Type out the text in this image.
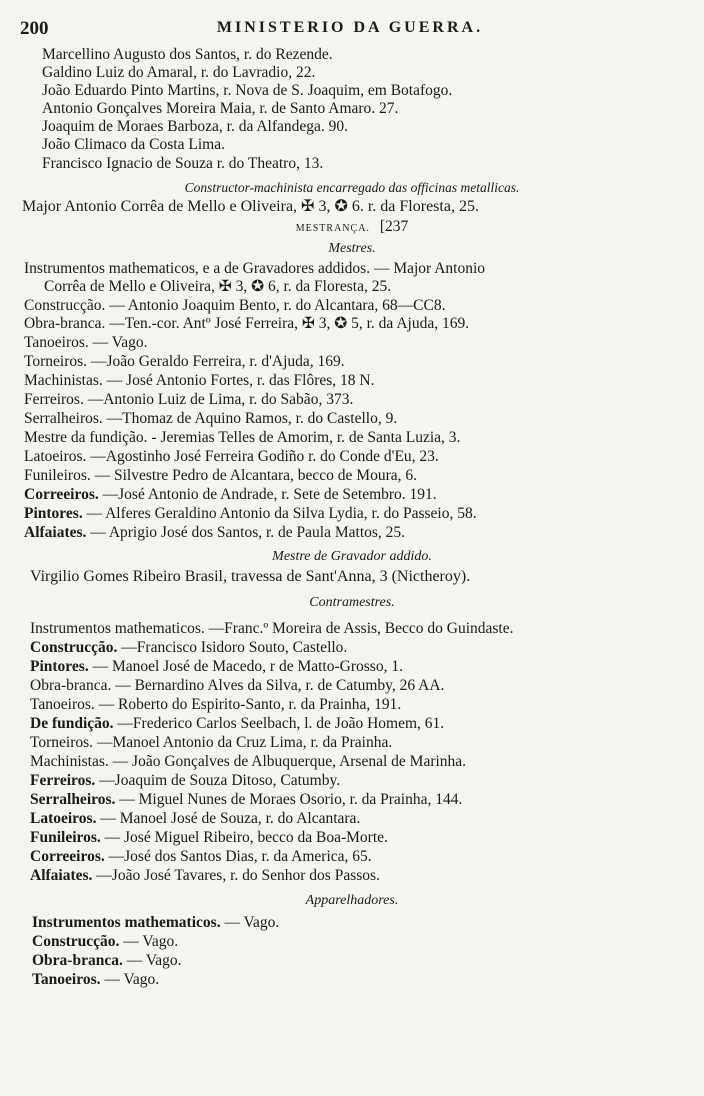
200	MINISTERIO DA GUERRA.
Marcellino Augusto dos Santos, r. do Rezende.
Galdino Luiz do Amaral, r. do Lavradio, 22.
João Eduardo Pinto Martins, r. Nova de S. Joaquim, em Botafogo.
Antonio Gonçalves Moreira Maia, r. de Santo Amaro. 27.
Joaquim de Moraes Barboza, r. da Alfandega. 90.
João Climaco da Costa Lima.
Francisco Ignacio de Souza r. do Theatro, 13.
Constructor-machinista encarregado das officinas metallicas.
Major Antonio Corrêa de Mello e Oliveira, ✠ 3, ✪ 6. r. da Floresta, 25.
MESTRANÇA. [237
Mestres.
Instrumentos mathematicos, e a de Gravadores addidos. — Major Antonio
Corrêa de Mello e Oliveira, ✠ 3, ✪ 6, r. da Floresta, 25.
Construcção. — Antonio Joaquim Bento, r. do Alcantara, 68—CC8.
Obra-branca. —Ten.-cor. Antº José Ferreira, ✠ 3, ✪ 5, r. da Ajuda, 169.
Tanoeiros. — Vago.
Torneiros. —João Geraldo Ferreira, r. d'Ajuda, 169.
Machinistas. — José Antonio Fortes, r. das Flôres, 18 N.
Ferreiros. —Antonio Luiz de Lima, r. do Sabão, 373.
Serralheiros. —Thomaz de Aquino Ramos, r. do Castello, 9.
Mestre da fundição. - Jeremias Telles de Amorim, r. de Santa Luzia, 3.
Latoeiros. —Agostinho José Ferreira Godiño r. do Conde d'Eu, 23.
Funileiros. — Silvestre Pedro de Alcantara, becco de Moura, 6.
Correeiros. —José Antonio de Andrade, r. Sete de Setembro. 191.
Pintores. — Alferes Geraldino Antonio da Silva Lydia, r. do Passeio, 58.
Alfaiates. — Aprigio José dos Santos, r. de Paula Mattos, 25.
Mestre de Gravador addido.
Virgilio Gomes Ribeiro Brasil, travessa de Sant'Anna, 3 (Nictheroy).
Contramestres.
Instrumentos mathematicos. —Franc.º Moreira de Assis, Becco do Guindaste.
Construcção. —Francisco Isidoro Souto, Castello.
Pintores. — Manoel José de Macedo, r de Matto-Grosso, 1.
Obra-branca. — Bernardino Alves da Silva, r. de Catumby, 26 AA.
Tanoeiros. — Roberto do Espirito-Santo, r. da Prainha, 191.
De fundição. —Frederico Carlos Seelbach, l. de João Homem, 61.
Torneiros. —Manoel Antonio da Cruz Lima, r. da Prainha.
Machinistas. — João Gonçalves de Albuquerque, Arsenal de Marinha.
Ferreiros. —Joaquim de Souza Ditoso, Catumby.
Serralheiros. — Miguel Nunes de Moraes Osorio, r. da Prainha, 144.
Latoeiros. — Manoel José de Souza, r. do Alcantara.
Funileiros. — José Miguel Ribeiro, becco da Boa-Morte.
Correeiros. —José dos Santos Dias, r. da America, 65.
Alfaiates. —João José Tavares, r. do Senhor dos Passos.
Apparelhadores.
Instrumentos mathematicos. — Vago.
Construcção. — Vago.
Obra-branca. — Vago.
Tanoeiros. — Vago.
